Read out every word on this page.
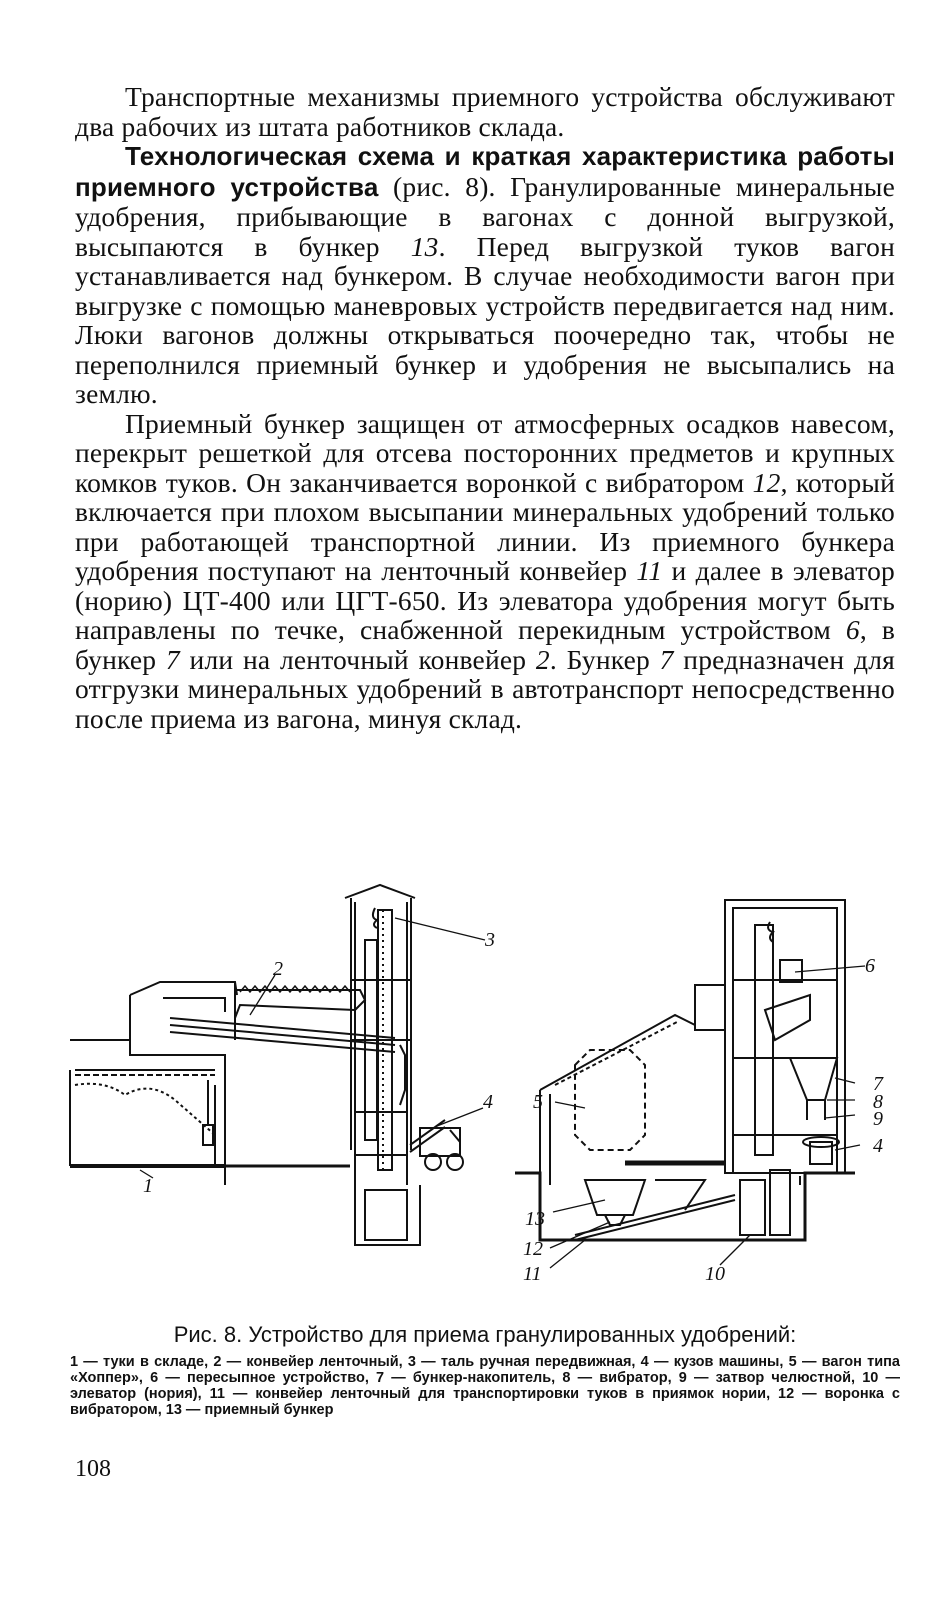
Транспортные механизмы приемного устройства обслуживают два рабочих из штата работников склада.

Технологическая схема и краткая характеристика работы приемного устройства (рис. 8). Гранулированные минеральные удобрения, прибывающие в вагонах с донной выгрузкой, высыпаются в бункер 13. Перед выгрузкой туков вагон устанавливается над бункером. В случае необходимости вагон при выгрузке с помощью маневровых устройств передвигается над ним. Люки вагонов должны открываться поочередно так, чтобы не переполнился приемный бункер и удобрения не высыпались на землю.

Приемный бункер защищен от атмосферных осадков навесом, перекрыт решеткой для отсева посторонних предметов и крупных комков туков. Он заканчивается воронкой с вибратором 12, который включается при плохом высыпании минеральных удобрений только при работающей транспортной линии. Из приемного бункера удобрения поступают на ленточный конвейер 11 и далее в элеватор (норию) ЦТ-400 или ЦГТ-650. Из элеватора удобрения могут быть направлены по течке, снабженной перекидным устройством 6, в бункер 7 или на ленточный конвейер 2. Бункер 7 предназначен для отгрузки минеральных удобрений в автотранспорт непосредственно после приема из вагона, минуя склад.

1
2
3
4 5
6
7
8
9
4
13
12
11	10
Рис. 8. Устройство для приема гранулированных удобрений:

1 — туки в складе, 2 — конвейер ленточный, 3 — таль ручная передвижная, 4 — кузов машины, 5 — вагон типа «Хоппер», 6 — пересыпное устройство, 7 — бункер-накопитель, 8 — вибратор, 9 — затвор челюстной, 10 — элеватор (нория), 11 — конвейер ленточный для транспортировки туков в приямок нории, 12 — воронка с вибратором, 13 — приемный бункер

108
